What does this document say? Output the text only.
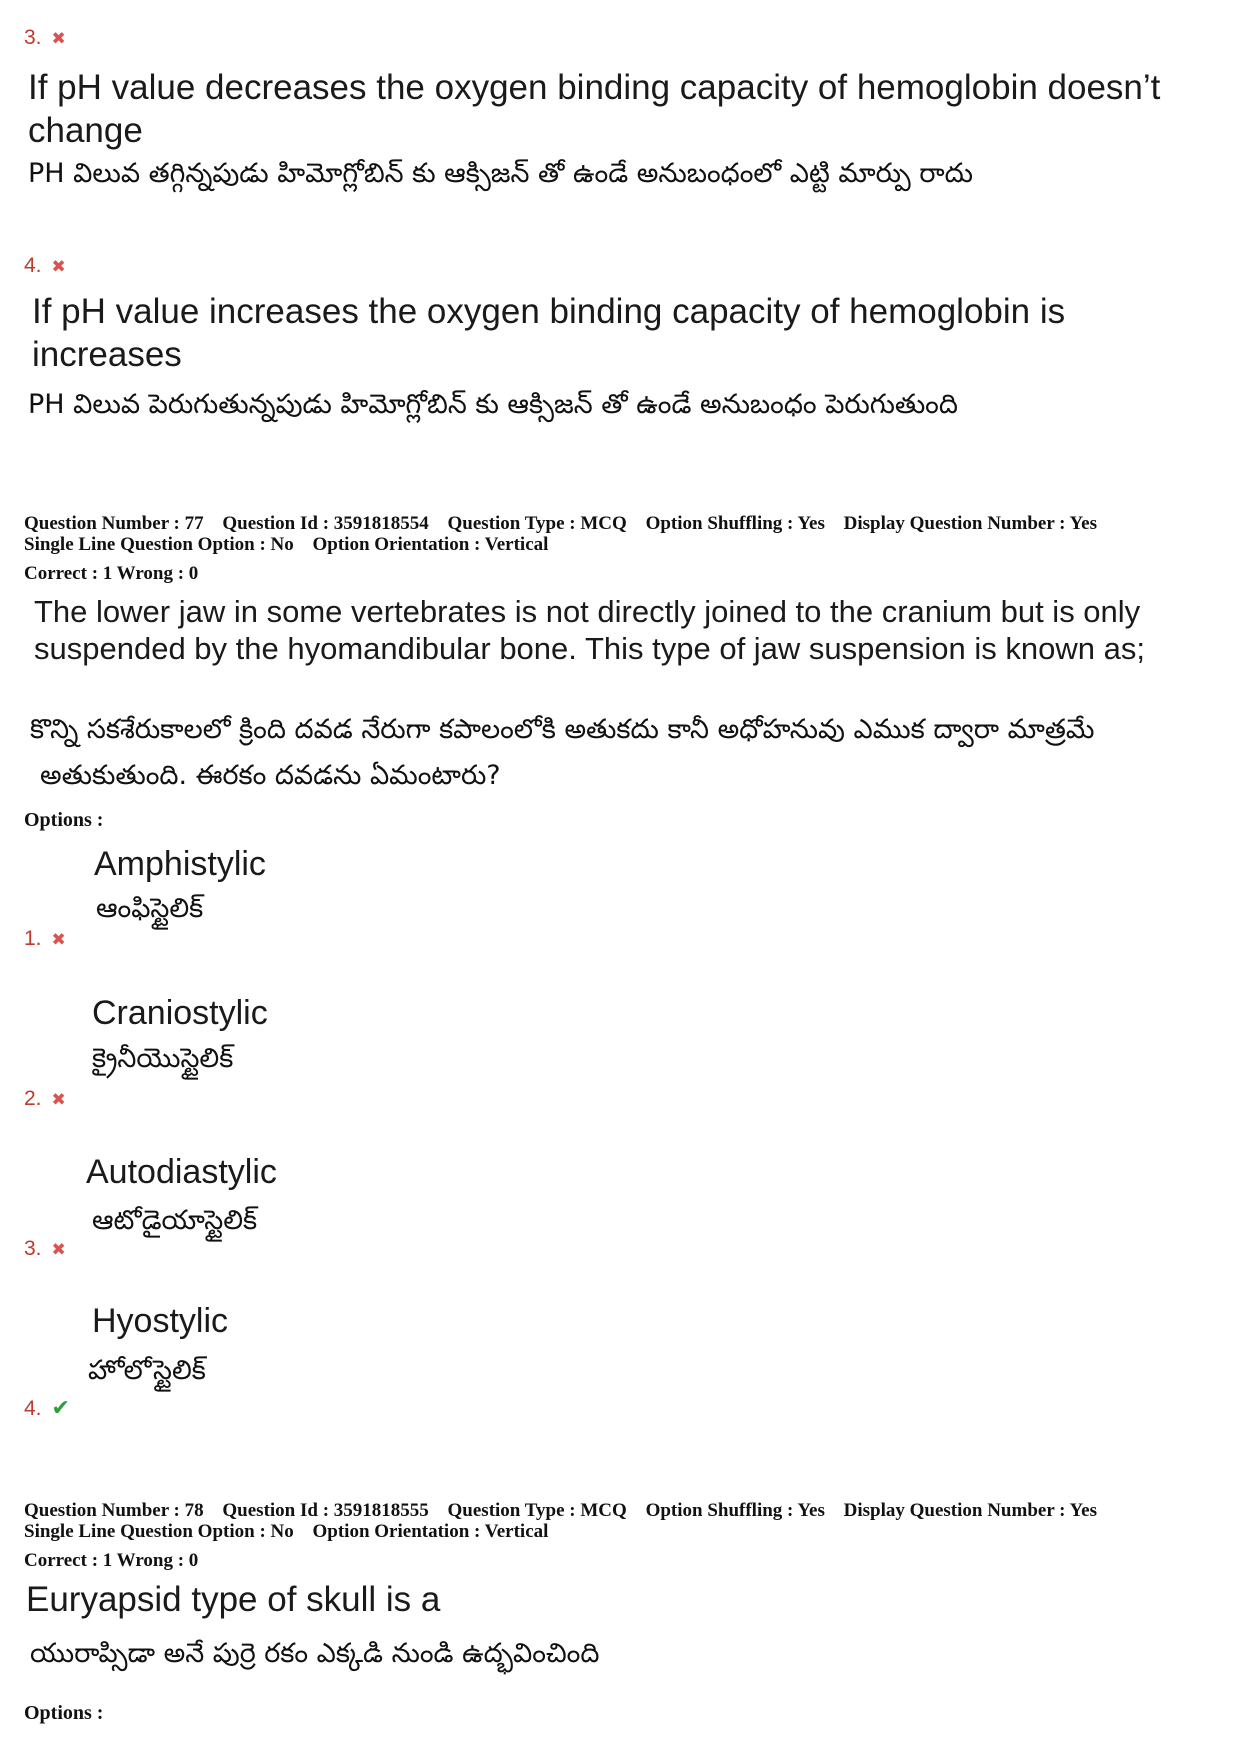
3. ✖
If pH value decreases the oxygen binding capacity of hemoglobin doesn’t change
PH విలువ తగ్గిన్నపుడు హిమోగ్లోబిన్ కు ఆక్సిజన్ తో ఉండే అనుబంధంలో ఎట్టి మార్పు రాదు
4. ✖
If pH value increases the oxygen binding capacity of hemoglobin is increases
PH విలువ పెరుగుతున్నపుడు హిమోగ్లోబిన్ కు ఆక్సిజన్ తో ఉండే అనుబంధం పెరుగుతుంది
Question Number : 77 Question Id : 3591818554 Question Type : MCQ Option Shuffling : Yes Display Question Number : Yes
Single Line Question Option : No Option Orientation : Vertical
Correct : 1 Wrong : 0
The lower jaw in some vertebrates is not directly joined to the cranium but is only suspended by the hyomandibular bone. This type of jaw suspension is known as;
కొన్ని సకశేరుకాలలో క్రింది దవడ నేరుగా కపాలంలోకి అతుకదు కానీ అధోహనువు ఎముక ద్వారా మాత్రమే
అతుకుతుంది. ఈరకం దవడను ఏమంటారు?
Options :
Amphistylic
ఆంఫిస్టైలిక్
1. ✖
Craniostylic
క్రైనీయొస్టైలిక్
2. ✖
Autodiastylic
ఆటోడైయాస్టైలిక్
3. ✖
Hyostylic
హోలోస్టైలిక్
4. ✔
Question Number : 78 Question Id : 3591818555 Question Type : MCQ Option Shuffling : Yes Display Question Number : Yes
Single Line Question Option : No Option Orientation : Vertical
Correct : 1 Wrong : 0
Euryapsid type of skull is a
యురాప్సిడా అనే పుర్రె రకం ఎక్కడి నుండి ఉద్భవించింది
Options :
